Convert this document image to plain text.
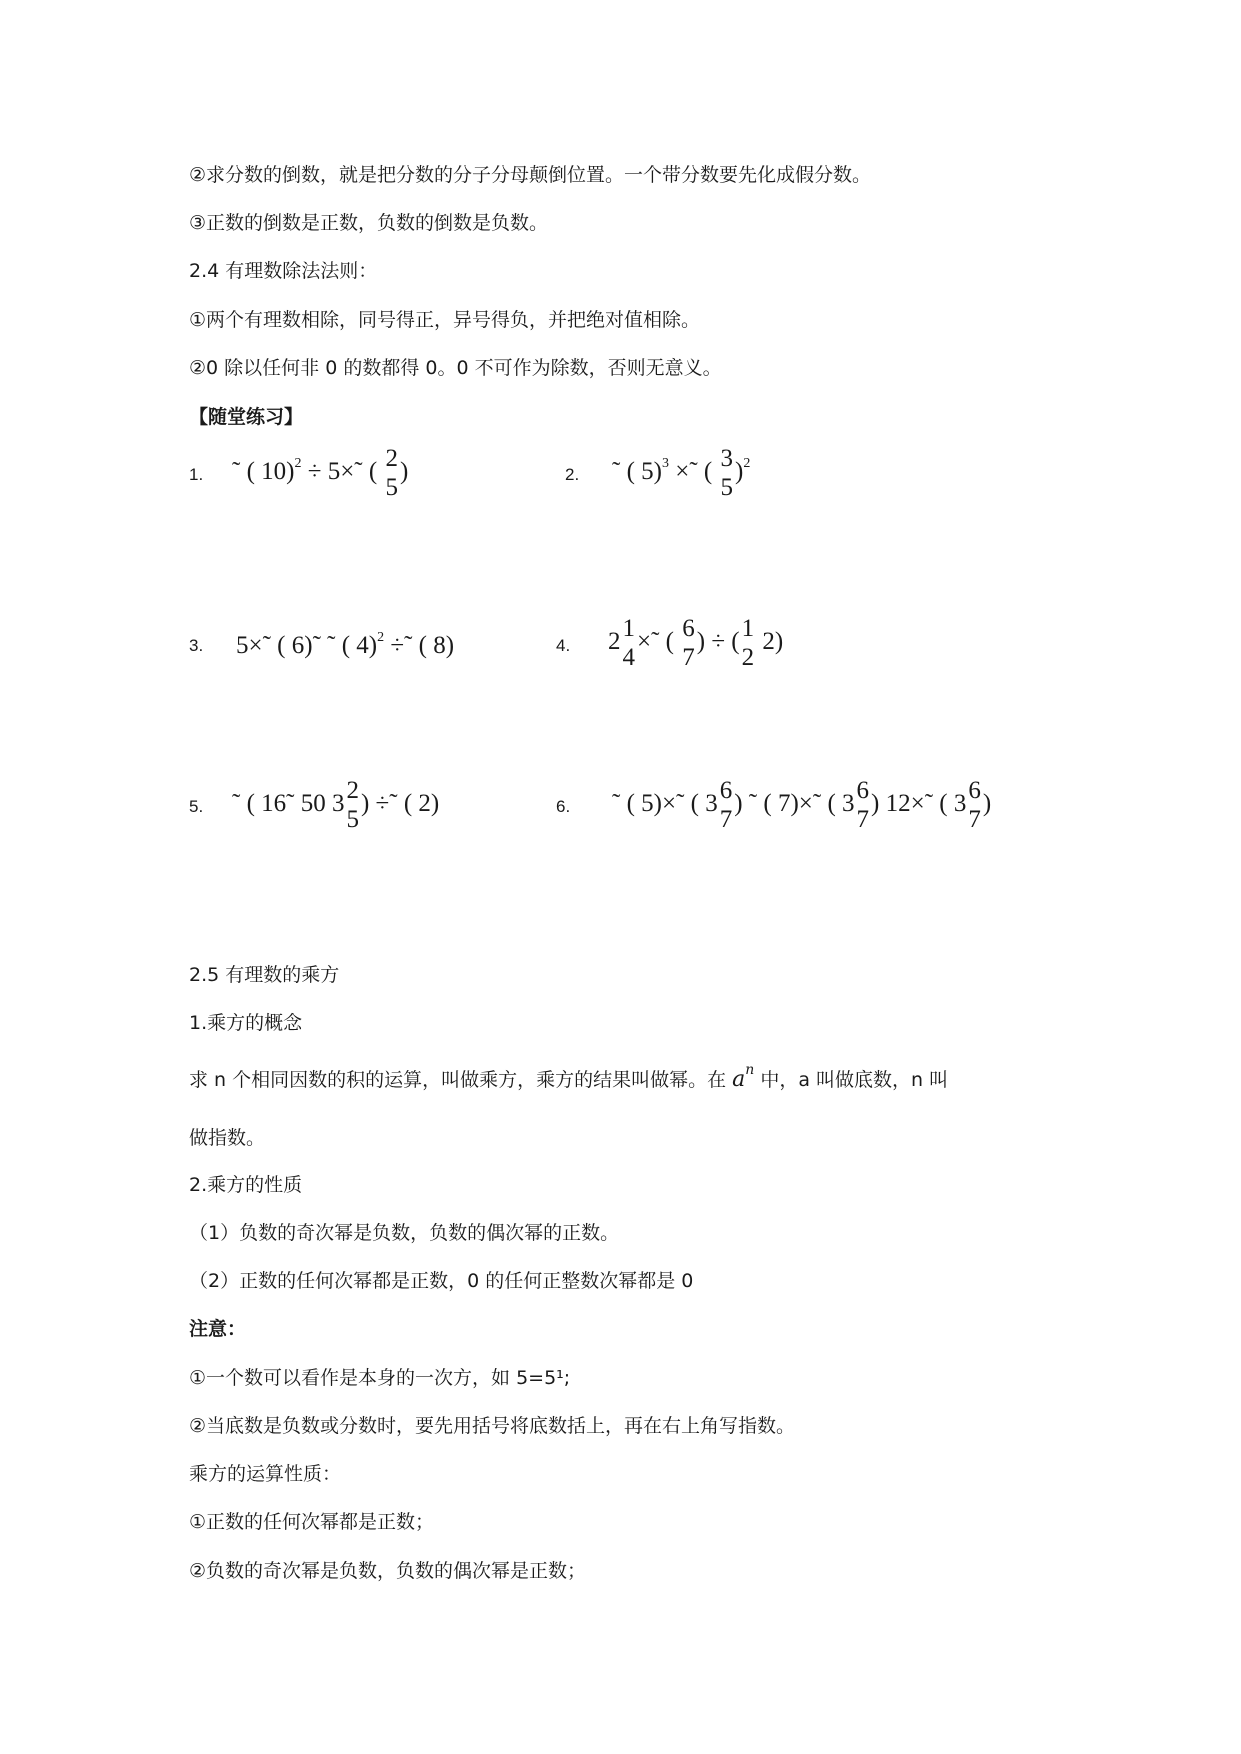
②求分数的倒数，就是把分数的分子分母颠倒位置。一个带分数要先化成假分数。
③正数的倒数是正数，负数的倒数是负数。
2.4 有理数除法法则：
①两个有理数相除，同号得正，异号得负，并把绝对值相除。
②0 除以任何非 0 的数都得 0。0 不可作为除数，否则无意义。
【随堂练习】
1. ˜ ( 10)$^2$ ÷ 5×˜ ( 2
5
)	2. ˜ ( 5)$^3$ ×˜ ( 3
5
)$^2$
3. 5×˜ ( 6)˜ ˜ ( 4)$^2$ ÷˜ ( 8)	4. 2 1
4
×˜ ( 6
7
) ÷ ( 1
2
2)
5. ˜ ( 16˜ 50 3 2
5
) ÷˜ ( 2)	6. ˜ ( 5)×˜ ( 3 6
7
) ˜ ( 7)×˜ ( 3 6
7
) 12×˜ ( 3 6
7
)
2.5 有理数的乘方
1.乘方的概念
求 n 个相同因数的积的运算，叫做乘方，乘方的结果叫做幂。在 $a^n$ 中，a 叫做底数，n 叫
做指数。
2.乘方的性质
（1）负数的奇次幂是负数，负数的偶次幂的正数。
（2）正数的任何次幂都是正数，0 的任何正整数次幂都是 0
注意：
①一个数可以看作是本身的一次方，如 5=5¹;
②当底数是负数或分数时，要先用括号将底数括上，再在右上角写指数。
乘方的运算性质：
①正数的任何次幂都是正数；
②负数的奇次幂是负数，负数的偶次幂是正数；
